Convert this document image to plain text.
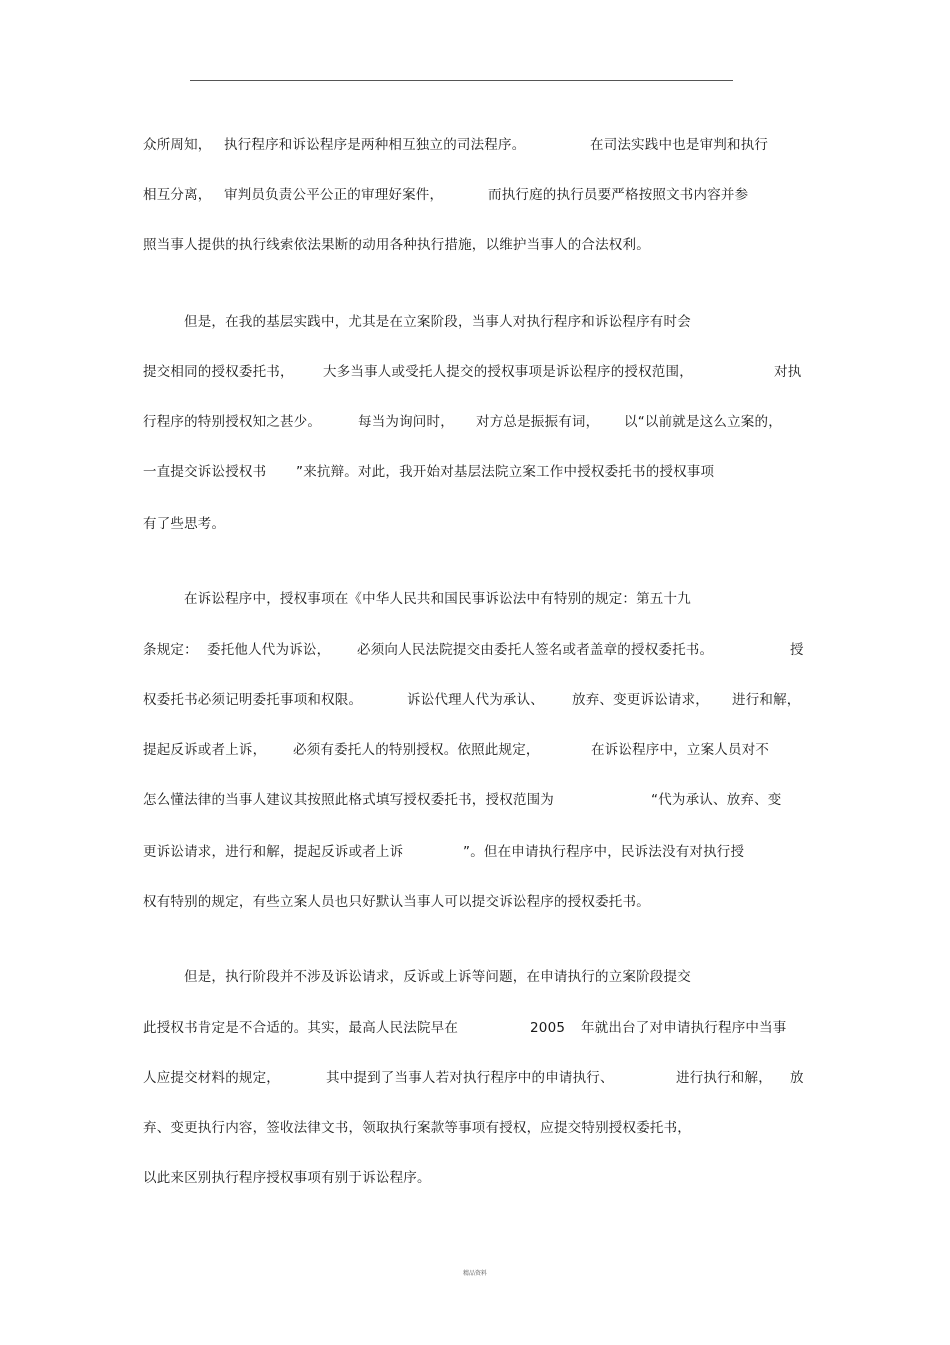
众所周知， 执行程序和诉讼程序是两种相互独立的司法程序。	在司法实践中也是审判和执行
相互分离， 审判员负责公平公正的审理好案件，	而执行庭的执行员要严格按照文书内容并参
照当事人提供的执行线索依法果断的动用各种执行措施，以维护当事人的合法权利。
但是，在我的基层实践中，尤其是在立案阶段，当事人对执行程序和诉讼程序有时会
提交相同的授权委托书， 大多当事人或受托人提交的授权事项是诉讼程序的授权范围，	对执
行程序的特别授权知之甚少。	每当为询问时， 对方总是振振有词， 以“以前就是这么立案的，
一直提交诉讼授权书 ”来抗辩。对此，我开始对基层法院立案工作中授权委托书的授权事项
有了些思考。
在诉讼程序中，授权事项在《中华人民共和国民事诉讼法中有特别的规定：第五十九
条规定： 委托他人代为诉讼， 必须向人民法院提交由委托人签名或者盖章的授权委托书。	授
权委托书必须记明委托事项和权限。	诉讼代理人代为承认、 放弃、变更诉讼请求， 进行和解，
提起反诉或者上诉， 必须有委托人的特别授权。依照此规定，	在诉讼程序中，立案人员对不
怎么懂法律的当事人建议其按照此格式填写授权委托书，授权范围为	“代为承认、放弃、变
更诉讼请求，进行和解，提起反诉或者上诉	”。但在申请执行程序中，民诉法没有对执行授
权有特别的规定，有些立案人员也只好默认当事人可以提交诉讼程序的授权委托书。
但是，执行阶段并不涉及诉讼请求，反诉或上诉等问题，在申请执行的立案阶段提交
此授权书肯定是不合适的。其实，最高人民法院早在	2005 年就出台了对申请执行程序中当事
人应提交材料的规定，	其中提到了当事人若对执行程序中的申请执行、	进行执行和解， 放
弃、变更执行内容，签收法律文书，领取执行案款等事项有授权，应提交特别授权委托书，
以此来区别执行程序授权事项有别于诉讼程序。
精品资料
